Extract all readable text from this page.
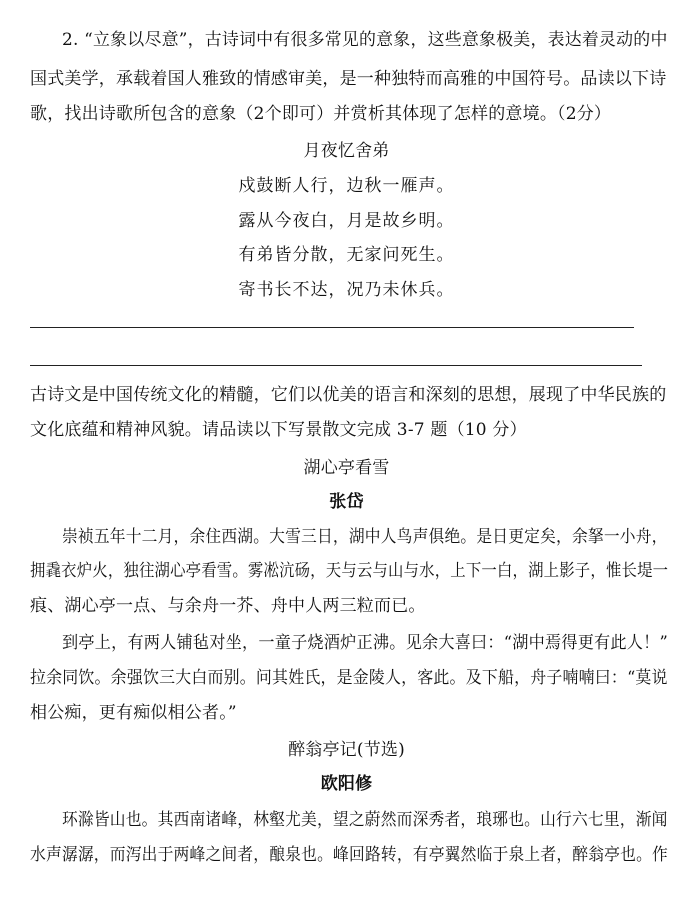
2. “立象以尽意”，古诗词中有很多常见的意象，这些意象极美，表达着灵动的中
国式美学，承载着国人雅致的情感审美，是一种独特而高雅的中国符号。品读以下诗
歌，找出诗歌所包含的意象（2个即可）并赏析其体现了怎样的意境。（2分）
月夜忆舍弟
戍鼓断人行，边秋一雁声。
露从今夜白，月是故乡明。
有弟皆分散，无家问死生。
寄书长不达，况乃未休兵。
古诗文是中国传统文化的精髓，它们以优美的语言和深刻的思想，展现了中华民族的
文化底蕴和精神风貌。请品读以下写景散文完成 3-7 题（10 分）
湖心亭看雪
张岱
崇祯五年十二月，余住西湖。大雪三日，湖中人鸟声俱绝。是日更定矣，余拏一小舟，
拥毳衣炉火，独往湖心亭看雪。雾凇沆砀，天与云与山与水，上下一白，湖上影子，惟长堤一
痕、湖心亭一点、与余舟一芥、舟中人两三粒而已。
到亭上，有两人铺毡对坐，一童子烧酒炉正沸。见余大喜曰：“湖中焉得更有此人！”
拉余同饮。余强饮三大白而别。问其姓氏，是金陵人，客此。及下船，舟子喃喃曰：“莫说
相公痴，更有痴似相公者。”
醉翁亭记(节选)
欧阳修
环滁皆山也。其西南诸峰，林壑尤美，望之蔚然而深秀者，琅琊也。山行六七里，渐闻
水声潺潺，而泻出于两峰之间者，酿泉也。峰回路转，有亭翼然临于泉上者，醉翁亭也。作
